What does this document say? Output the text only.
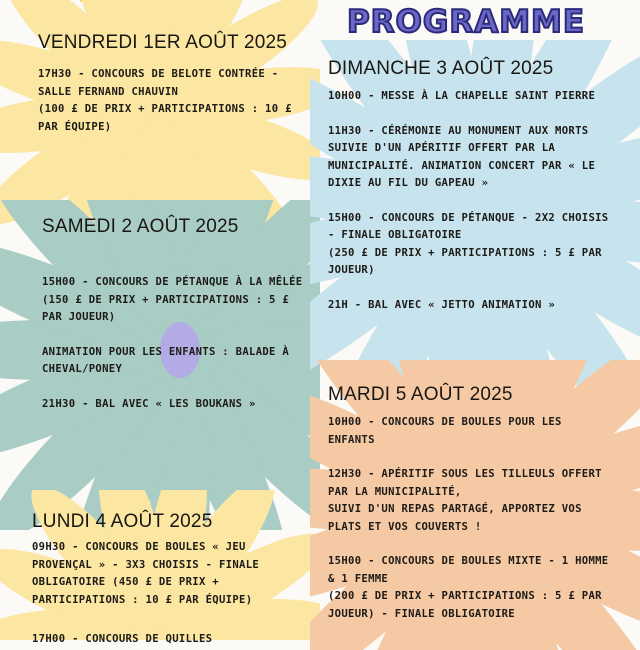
PROGRAMME
VENDREDI 1ER AOÛT 2025

17H30 - CONCOURS DE BELOTE CONTRÉE - SALLE FERNAND CHAUVIN
(100 £ DE PRIX + PARTICIPATIONS : 10 £ PAR ÉQUIPE)

SAMEDI 2 AOÛT 2025

15H00 - CONCOURS DE PÉTANQUE À LA MÊLÉE
(150 £ DE PRIX + PARTICIPATIONS : 5 £ PAR JOUEUR)

ANIMATION POUR LES ENFANTS : BALADE À CHEVAL/PONEY

21H30 - BAL AVEC « LES BOUKANS »

LUNDI 4 AOÛT 2025

09H30 - CONCOURS DE BOULES « JEU PROVENÇAL » - 3X3 CHOISIS - FINALE OBLIGATOIRE (450 £ DE PRIX + PARTICIPATIONS : 10 £ PAR ÉQUIPE)

17H00 - CONCOURS DE QUILLES

DIMANCHE 3 AOÛT 2025

10H00 - MESSE À LA CHAPELLE SAINT PIERRE

11H30 - CÉRÉMONIE AU MONUMENT AUX MORTS SUIVIE D'UN APÉRITIF OFFERT PAR LA MUNICIPALITÉ. ANIMATION CONCERT PAR « LE DIXIE AU FIL DU GAPEAU »

15H00 - CONCOURS DE PÉTANQUE - 2X2 CHOISIS - FINALE OBLIGATOIRE
(250 £ DE PRIX + PARTICIPATIONS : 5 £ PAR JOUEUR)

21H - BAL AVEC « JETTO ANIMATION »

MARDI 5 AOÛT 2025

10H00 - CONCOURS DE BOULES POUR LES ENFANTS

12H30 - APÉRITIF SOUS LES TILLEULS OFFERT PAR LA MUNICIPALITÉ,
SUIVI D'UN REPAS PARTAGÉ, APPORTEZ VOS PLATS ET VOS COUVERTS !

15H00 - CONCOURS DE BOULES MIXTE - 1 HOMME & 1 FEMME
(200 £ DE PRIX + PARTICIPATIONS : 5 £ PAR JOUEUR) - FINALE OBLIGATOIRE
